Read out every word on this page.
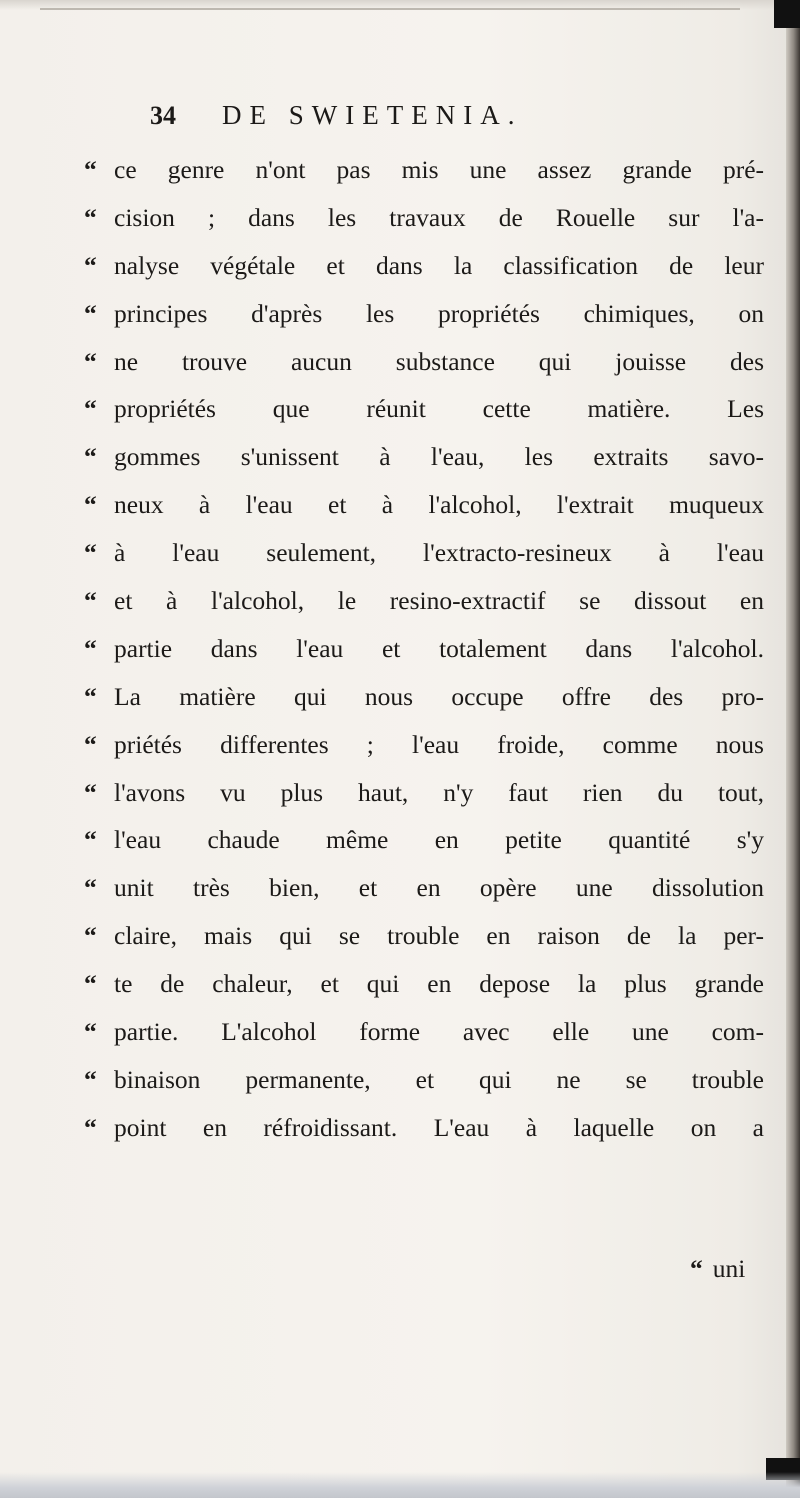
34 DE SWIETENIA.
“ ce genre n'ont pas mis une assez grande pré-
“ cision ; dans les travaux de Rouelle sur l'a-
“ nalyse végétale et dans la classification de leur
“ principes d'après les propriétés chimiques, on
“ ne trouve aucun substance qui jouisse des
“ propriétés que réunit cette matière. Les
“ gommes s'unissent à l'eau, les extraits savo-
“ neux à l'eau et à l'alcohol, l'extrait muqueux
“ à l'eau seulement, l'extracto-resineux à l'eau
“ et à l'alcohol, le resino-extractif se dissout en
“ partie dans l'eau et totalement dans l'alcohol.
“ La matière qui nous occupe offre des pro-
“ priétés differentes ; l'eau froide, comme nous
“ l'avons vu plus haut, n'y faut rien du tout,
“ l'eau chaude même en petite quantité s'y
“ unit très bien, et en opère une dissolution
“ claire, mais qui se trouble en raison de la per-
“ te de chaleur, et qui en depose la plus grande
“ partie. L'alcohol forme avec elle une com-
“ binaison permanente, et qui ne se trouble
“ point en réfroidissant. L'eau à laquelle on a
“ uni
